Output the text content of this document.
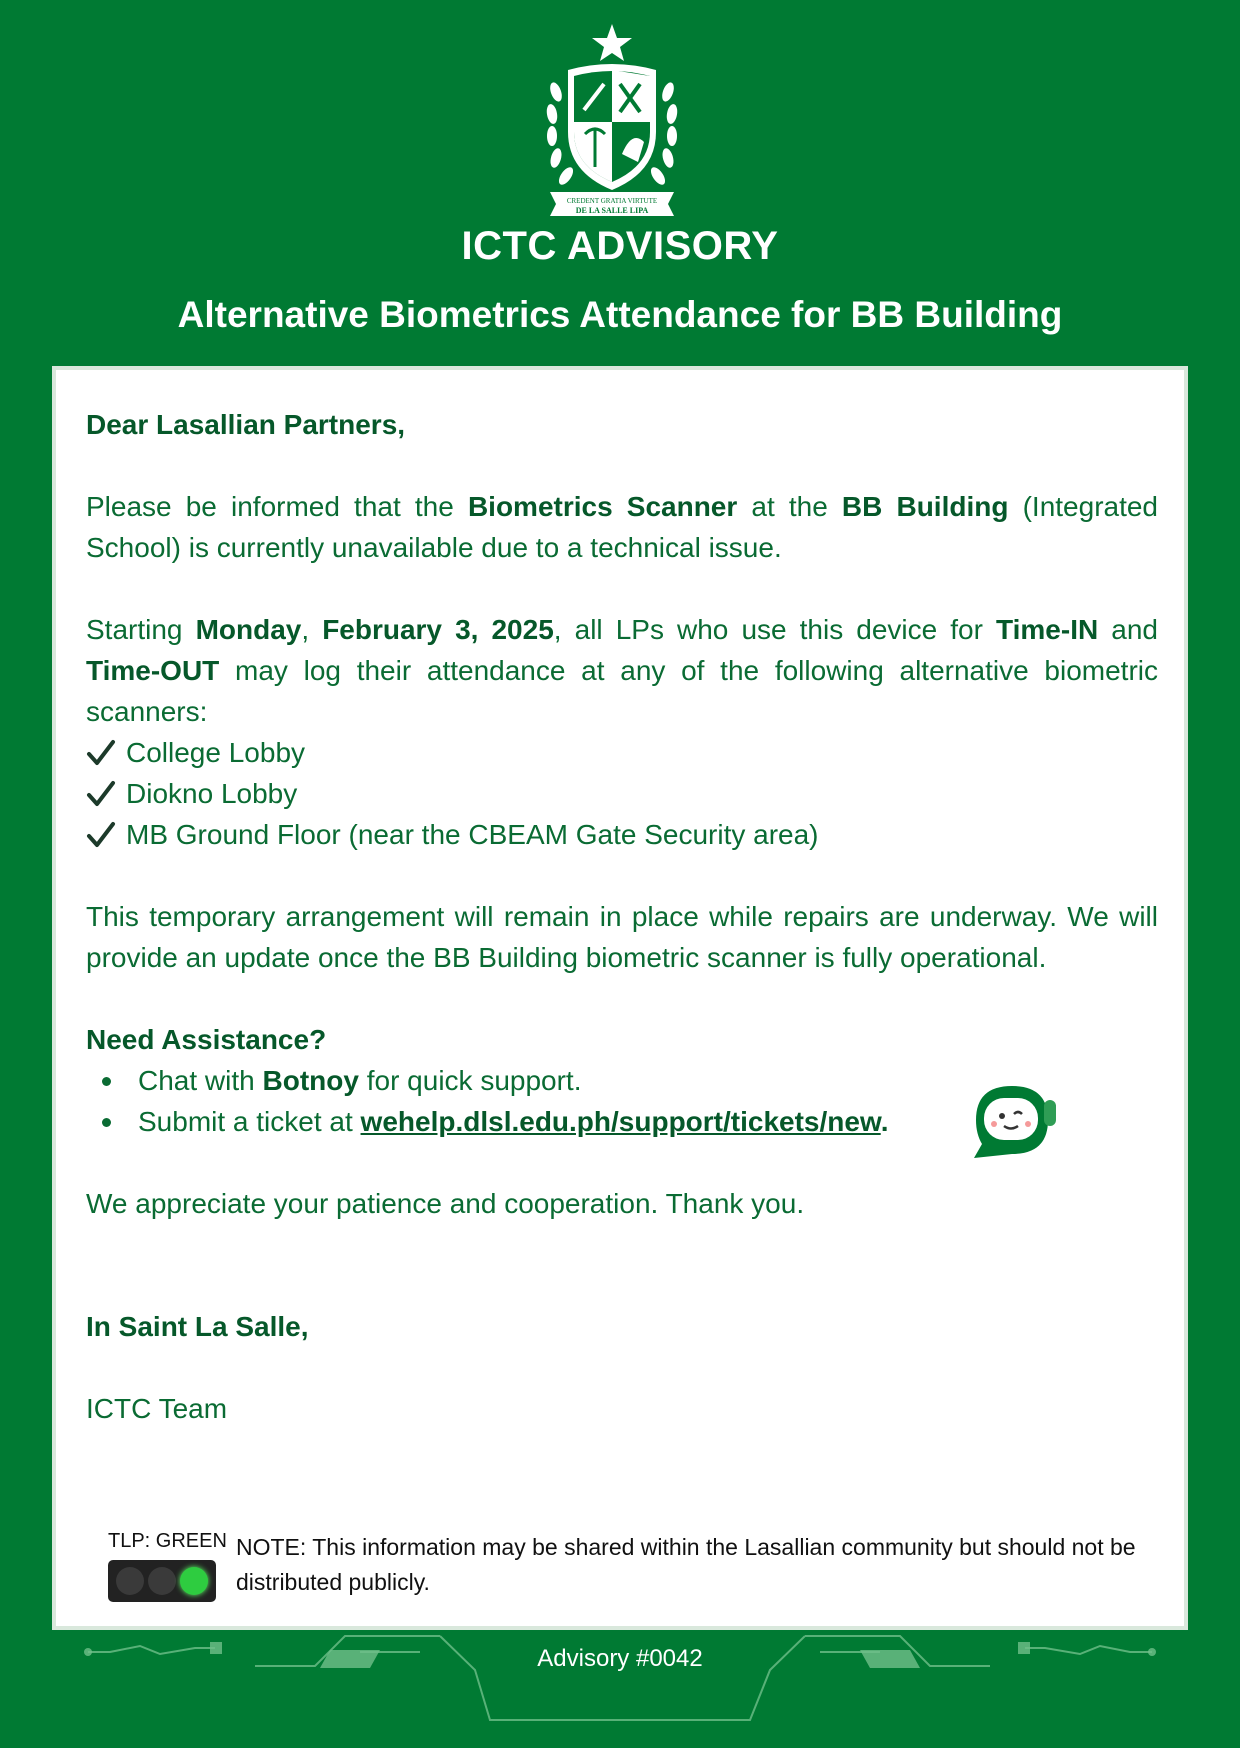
CREDENT GRATIA VIRTUTE
DE LA SALLE LIPA
ICTC ADVISORY
Alternative Biometrics Attendance for BB Building

Dear Lasallian Partners,

Please be informed that the Biometrics Scanner at the BB Building (Integrated School) is currently unavailable due to a technical issue.

Starting Monday, February 3, 2025, all LPs who use this device for Time-IN and Time-OUT may log their attendance at any of the following alternative biometric scanners:

College Lobby
Diokno Lobby
MB Ground Floor (near the CBEAM Gate Security area)

This temporary arrangement will remain in place while repairs are underway. We will provide an update once the BB Building biometric scanner is fully operational.

Need Assistance?

Chat with Botnoy for quick support.
Submit a ticket at wehelp.dlsl.edu.ph/support/tickets/new.

We appreciate your patience and cooperation. Thank you.

In Saint La Salle,

ICTC Team

TLP: GREEN NOTE: This information may be shared within the Lasallian community but should not be distributed publicly.
Advisory #0042
